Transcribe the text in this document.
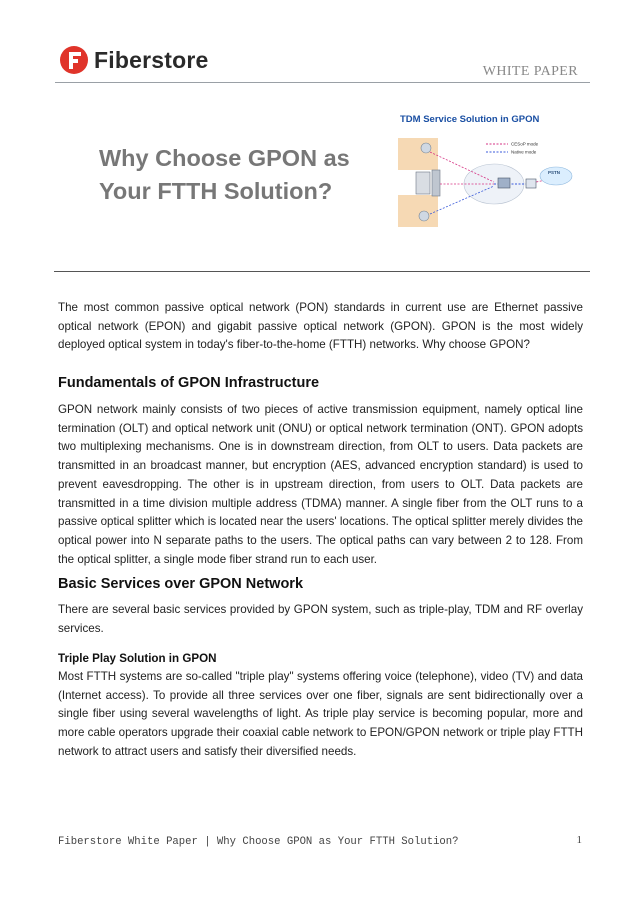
Fiberstore	WHITE PAPER
Why Choose GPON as
Your FTTH Solution?
TDM Service Solution in GPON
PSTN
CESoP mode
Native mode

The most common passive optical network (PON) standards in current use are Ethernet passive optical network (EPON) and gigabit passive optical network (GPON). GPON is the most widely deployed optical system in today's fiber-to-the-home (FTTH) networks. Why choose GPON?

Fundamentals of GPON Infrastructure

GPON network mainly consists of two pieces of active transmission equipment, namely optical line termination (OLT) and optical network unit (ONU) or optical network termination (ONT). GPON adopts two multiplexing mechanisms. One is in downstream direction, from OLT to users. Data packets are transmitted in an broadcast manner, but encryption (AES, advanced encryption standard) is used to prevent eavesdropping. The other is in upstream direction, from users to OLT. Data packets are transmitted in a time division multiple address (TDMA) manner. A single fiber from the OLT runs to a passive optical splitter which is located near the users' locations. The optical splitter merely divides the optical power into N separate paths to the users. The optical paths can vary between 2 to 128. From the optical splitter, a single mode fiber strand run to each user.

Basic Services over GPON Network

There are several basic services provided by GPON system, such as triple-play, TDM and RF overlay services.

Triple Play Solution in GPON

Most FTTH systems are so-called "triple play" systems offering voice (telephone), video (TV) and data (Internet access). To provide all three services over one fiber, signals are sent bidirectionally over a single fiber using several wavelengths of light. As triple play service is becoming popular, more and more cable operators upgrade their coaxial cable network to EPON/GPON network or triple play FTTH network to attract users and satisfy their diversified needs.

Fiberstore White Paper | Why Choose GPON as Your FTTH Solution?	1
